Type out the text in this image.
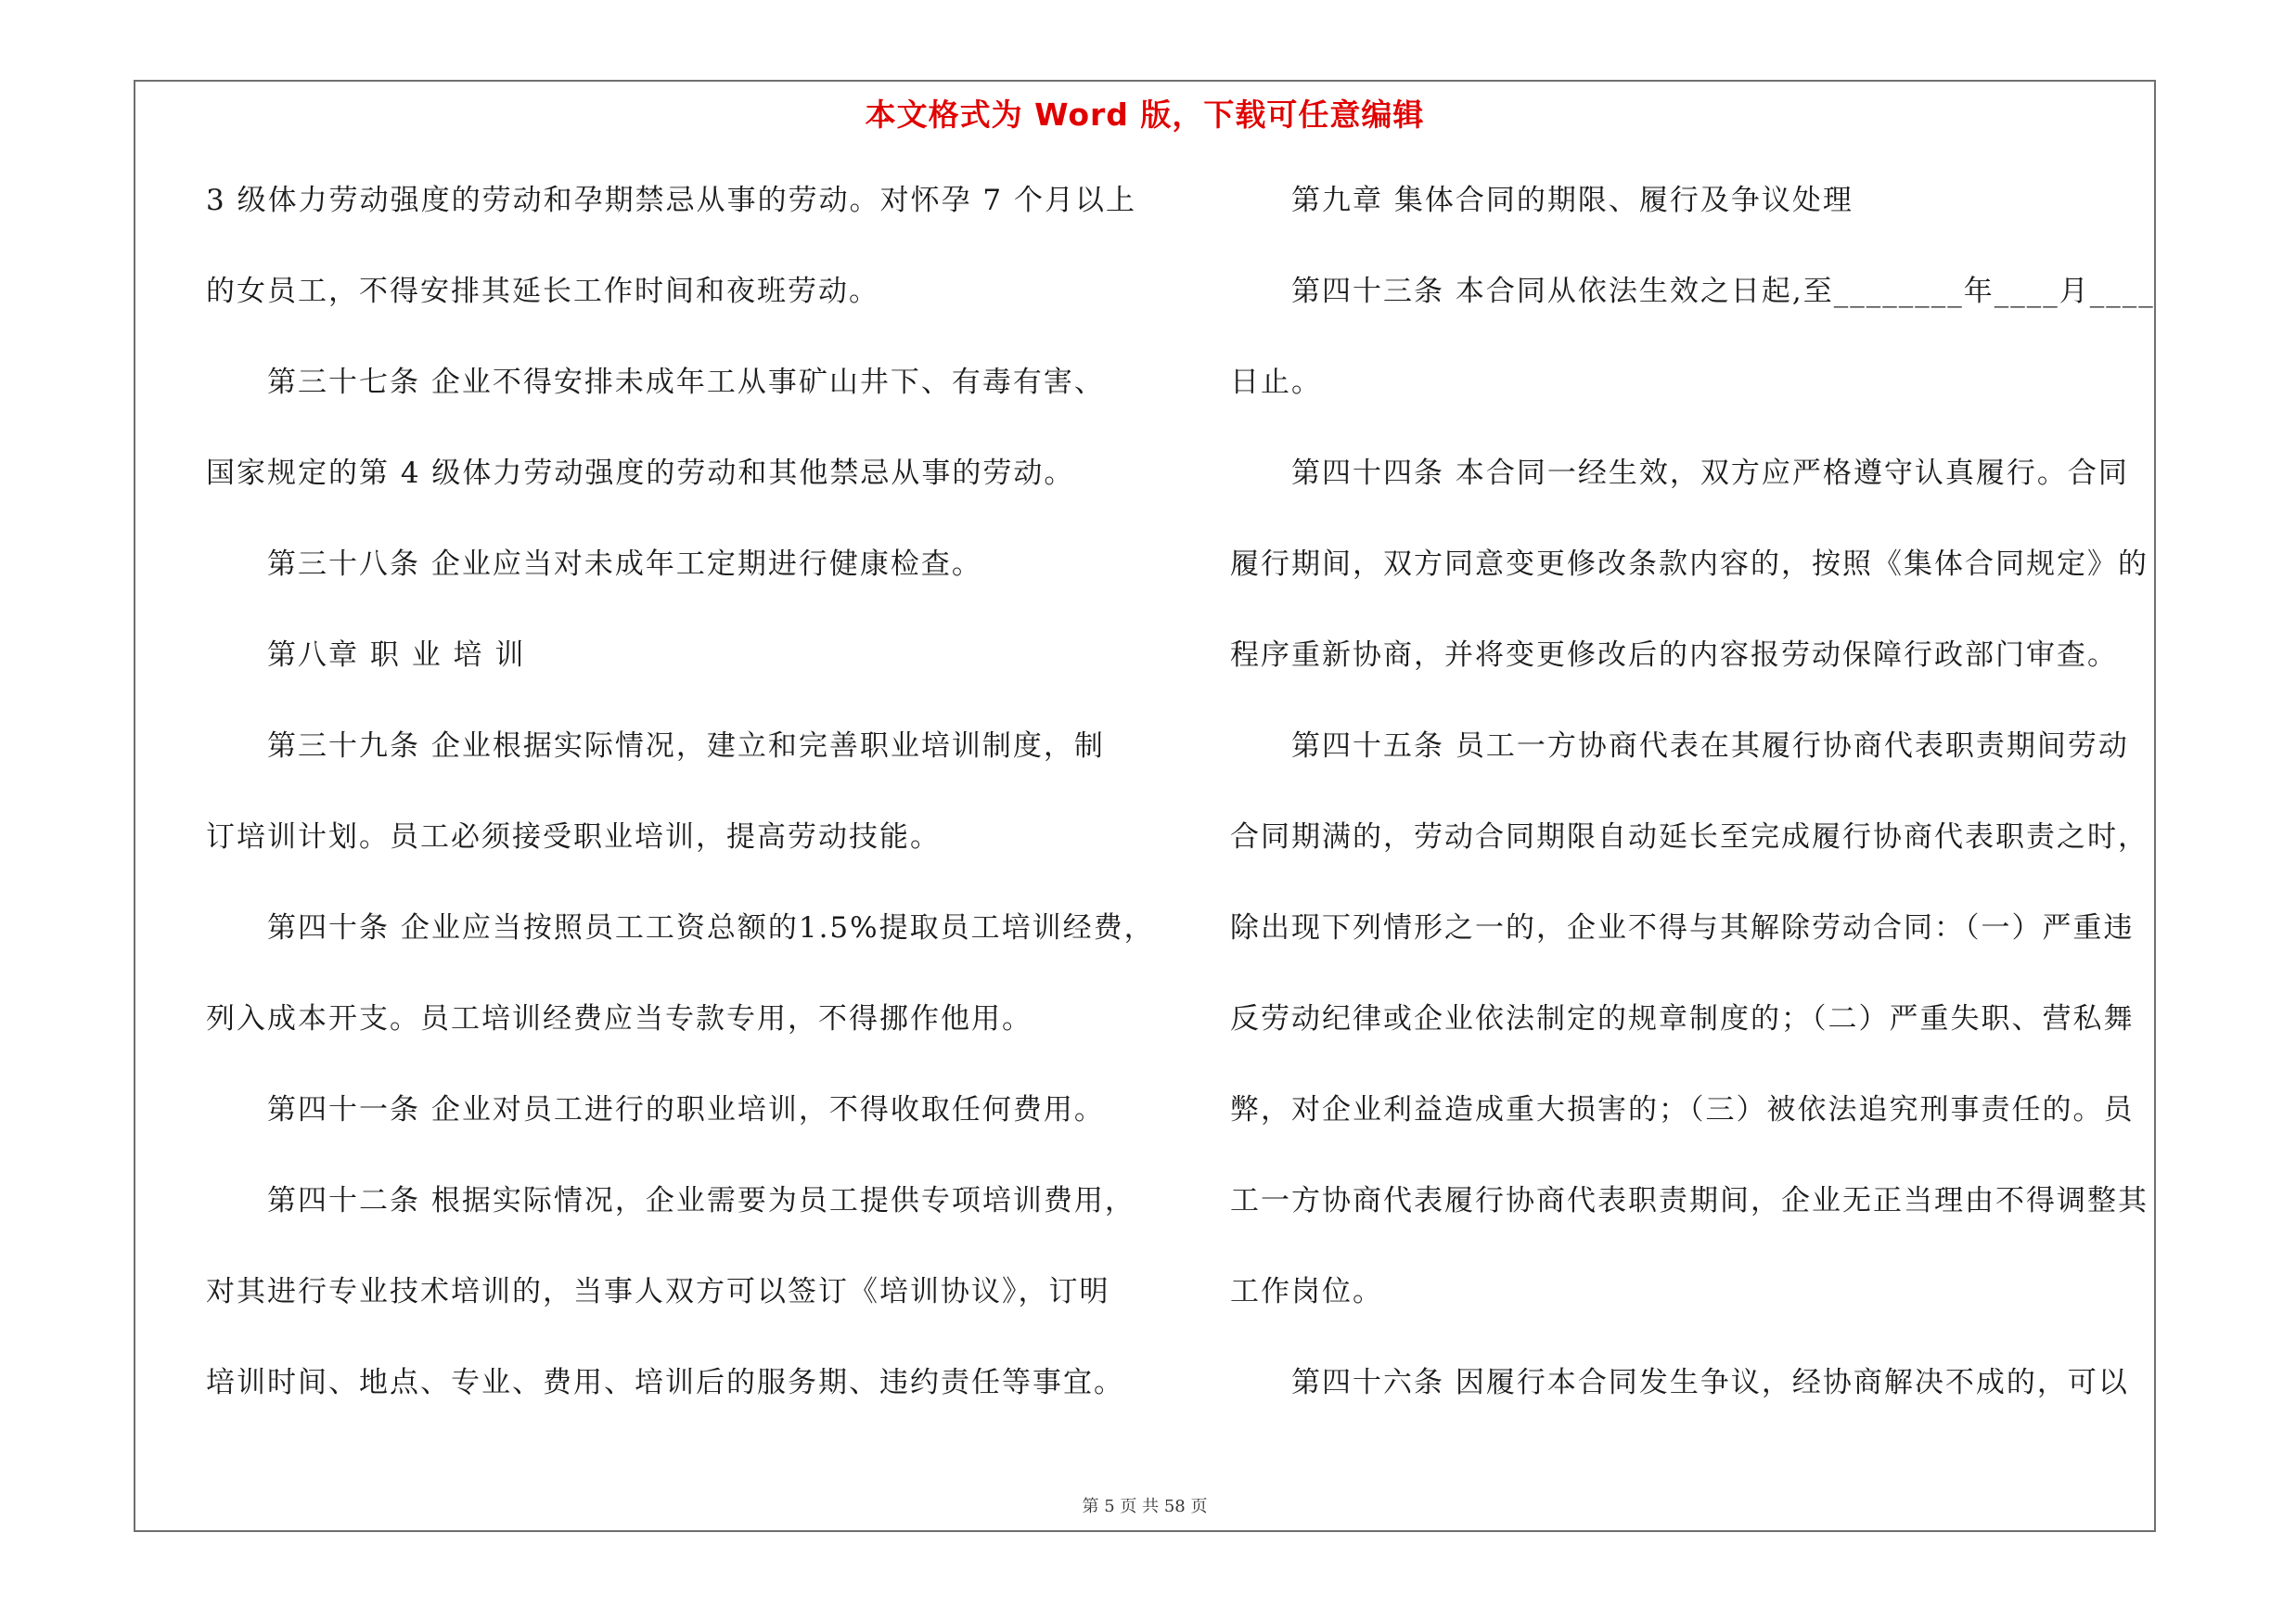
本文格式为 Word 版，下载可任意编辑
3 级体力劳动强度的劳动和孕期禁忌从事的劳动。对怀孕 7 个月以上
的女员工，不得安排其延长工作时间和夜班劳动。
第三十七条 企业不得安排未成年工从事矿山井下、有毒有害、
国家规定的第 4 级体力劳动强度的劳动和其他禁忌从事的劳动。
第三十八条 企业应当对未成年工定期进行健康检查。
第八章 职 业 培 训
第三十九条 企业根据实际情况，建立和完善职业培训制度，制
订培训计划。员工必须接受职业培训，提高劳动技能。
第四十条 企业应当按照员工工资总额的1.5%提取员工培训经费，
列入成本开支。员工培训经费应当专款专用，不得挪作他用。
第四十一条 企业对员工进行的职业培训，不得收取任何费用。
第四十二条 根据实际情况，企业需要为员工提供专项培训费用，
对其进行专业技术培训的，当事人双方可以签订《培训协议》，订明
培训时间、地点、专业、费用、培训后的服务期、违约责任等事宜。
第九章 集体合同的期限、履行及争议处理
第四十三条 本合同从依法生效之日起,至________年____月____
日止。
第四十四条 本合同一经生效，双方应严格遵守认真履行。合同
履行期间，双方同意变更修改条款内容的，按照《集体合同规定》的
程序重新协商，并将变更修改后的内容报劳动保障行政部门审查。
第四十五条 员工一方协商代表在其履行协商代表职责期间劳动
合同期满的，劳动合同期限自动延长至完成履行协商代表职责之时，
除出现下列情形之一的，企业不得与其解除劳动合同：（一）严重违
反劳动纪律或企业依法制定的规章制度的；（二）严重失职、营私舞
弊，对企业利益造成重大损害的；（三）被依法追究刑事责任的。员
工一方协商代表履行协商代表职责期间，企业无正当理由不得调整其
工作岗位。
第四十六条 因履行本合同发生争议，经协商解决不成的，可以
第 5 页 共 58 页
